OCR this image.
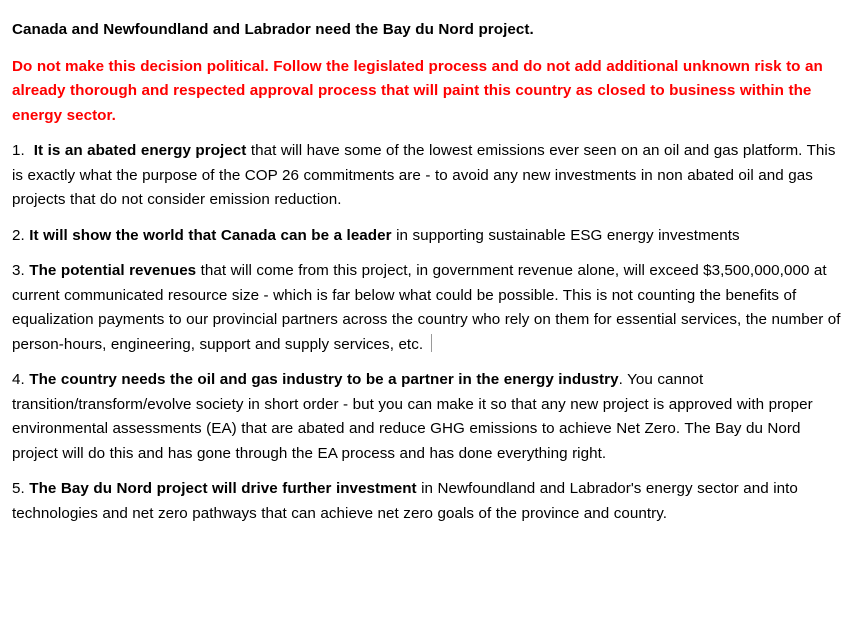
Canada and Newfoundland and Labrador need the Bay du Nord project.

Do not make this decision political. Follow the legislated process and do not add additional unknown risk to an already thorough and respected approval process that will paint this country as closed to business within the energy sector.

1. It is an abated energy project that will have some of the lowest emissions ever seen on an oil and gas platform. This is exactly what the purpose of the COP 26 commitments are - to avoid any new investments in non abated oil and gas projects that do not consider emission reduction.

2. It will show the world that Canada can be a leader in supporting sustainable ESG energy investments

3. The potential revenues that will come from this project, in government revenue alone, will exceed $3,500,000,000 at current communicated resource size - which is far below what could be possible. This is not counting the benefits of equalization payments to our provincial partners across the country who rely on them for essential services, the number of person-hours, engineering, support and supply services, etc.

4. The country needs the oil and gas industry to be a partner in the energy industry. You cannot transition/transform/evolve society in short order - but you can make it so that any new project is approved with proper environmental assessments (EA) that are abated and reduce GHG emissions to achieve Net Zero. The Bay du Nord project will do this and has gone through the EA process and has done everything right.

5. The Bay du Nord project will drive further investment in Newfoundland and Labrador's energy sector and into technologies and net zero pathways that can achieve net zero goals of the province and country.
